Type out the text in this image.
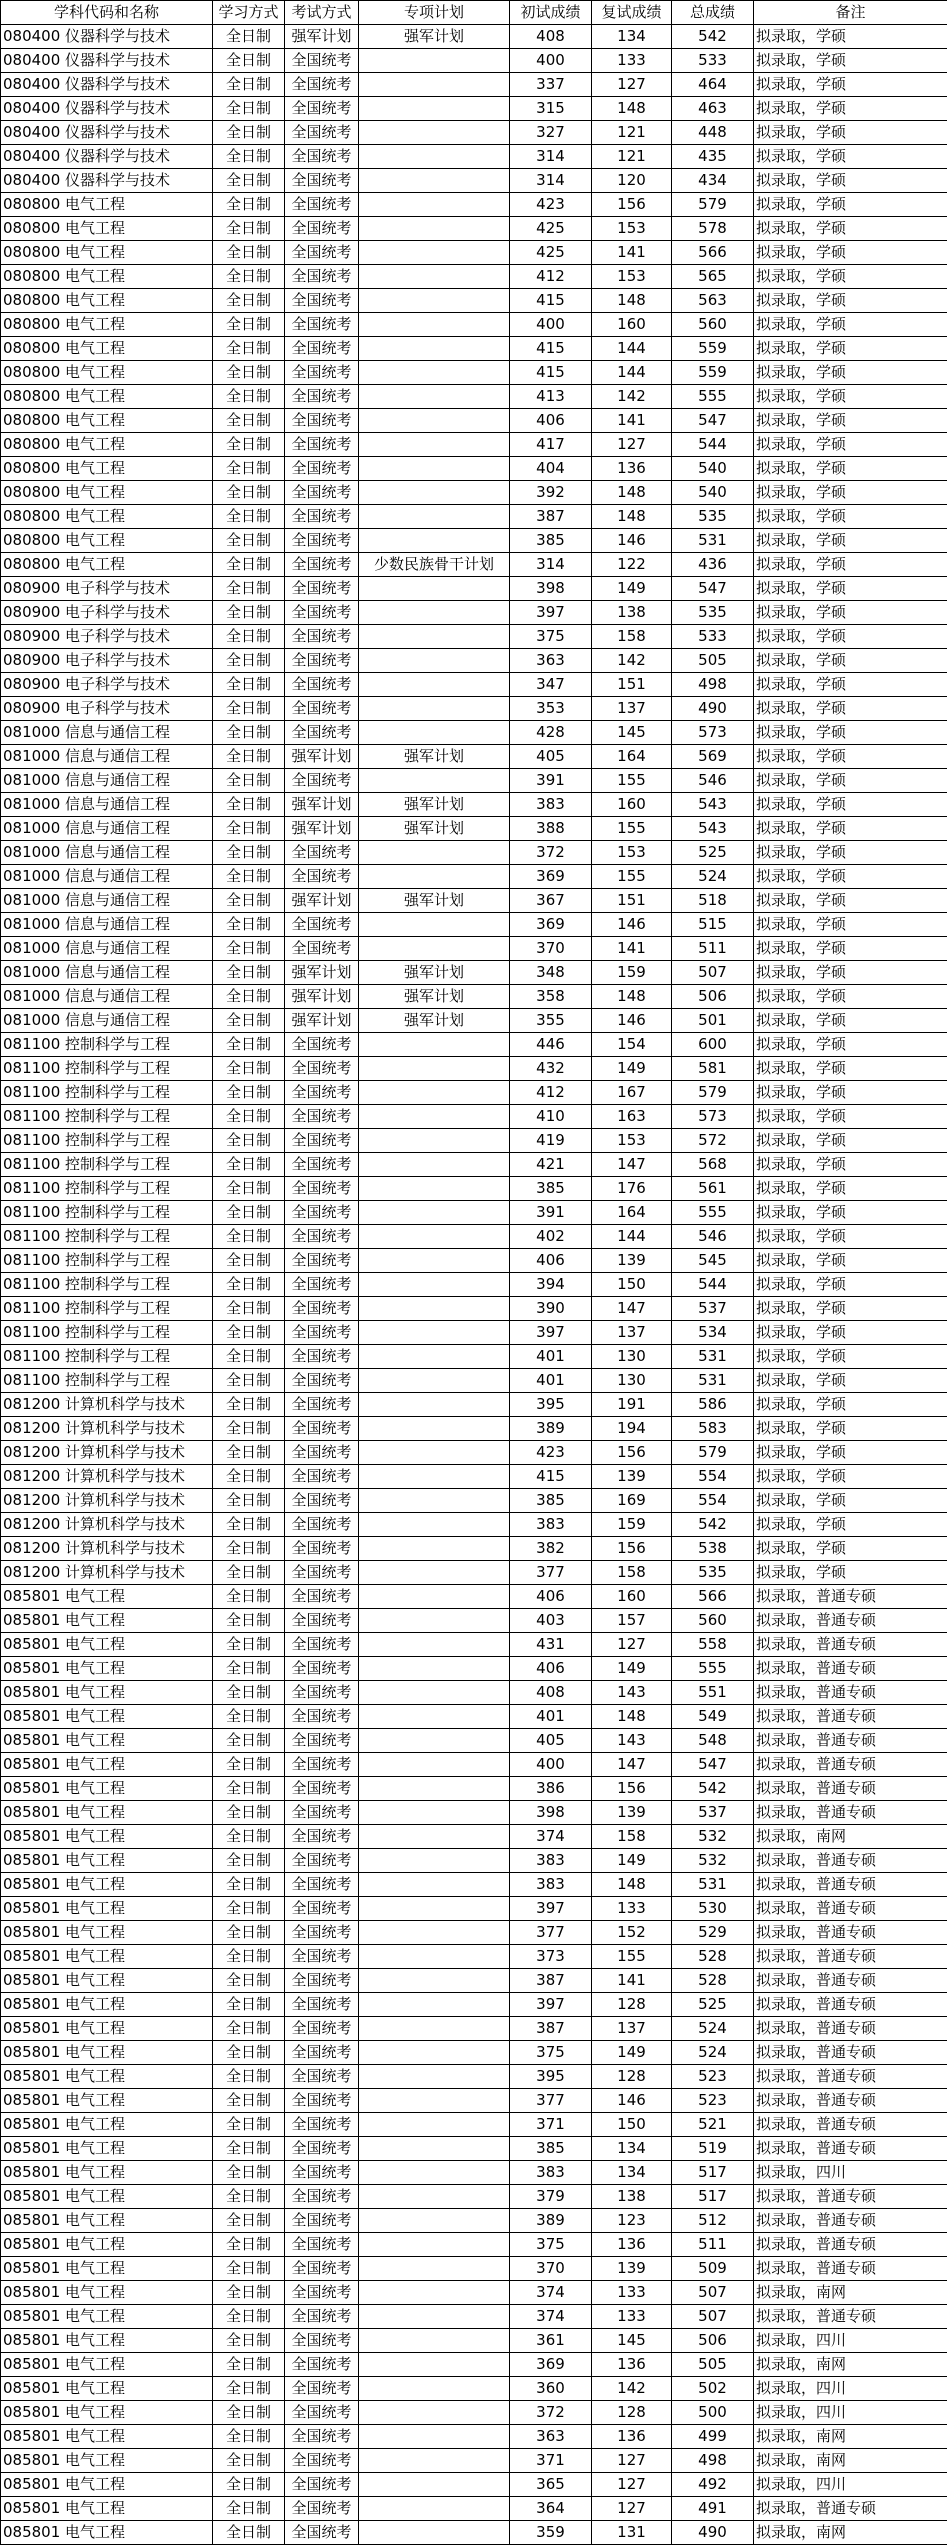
学科代码和名称	学习方式	考试方式	专项计划	初试成绩	复试成绩	总成绩	备注
080400 仪器科学与技术	全日制	强军计划	强军计划	408	134	542	拟录取，学硕
080400 仪器科学与技术	全日制	全国统考		400	133	533	拟录取，学硕
080400 仪器科学与技术	全日制	全国统考		337	127	464	拟录取，学硕
080400 仪器科学与技术	全日制	全国统考		315	148	463	拟录取，学硕
080400 仪器科学与技术	全日制	全国统考		327	121	448	拟录取，学硕
080400 仪器科学与技术	全日制	全国统考		314	121	435	拟录取，学硕
080400 仪器科学与技术	全日制	全国统考		314	120	434	拟录取，学硕
080800 电气工程	全日制	全国统考		423	156	579	拟录取，学硕
080800 电气工程	全日制	全国统考		425	153	578	拟录取，学硕
080800 电气工程	全日制	全国统考		425	141	566	拟录取，学硕
080800 电气工程	全日制	全国统考		412	153	565	拟录取，学硕
080800 电气工程	全日制	全国统考		415	148	563	拟录取，学硕
080800 电气工程	全日制	全国统考		400	160	560	拟录取，学硕
080800 电气工程	全日制	全国统考		415	144	559	拟录取，学硕
080800 电气工程	全日制	全国统考		415	144	559	拟录取，学硕
080800 电气工程	全日制	全国统考		413	142	555	拟录取，学硕
080800 电气工程	全日制	全国统考		406	141	547	拟录取，学硕
080800 电气工程	全日制	全国统考		417	127	544	拟录取，学硕
080800 电气工程	全日制	全国统考		404	136	540	拟录取，学硕
080800 电气工程	全日制	全国统考		392	148	540	拟录取，学硕
080800 电气工程	全日制	全国统考		387	148	535	拟录取，学硕
080800 电气工程	全日制	全国统考		385	146	531	拟录取，学硕
080800 电气工程	全日制	全国统考	少数民族骨干计划	314	122	436	拟录取，学硕
080900 电子科学与技术	全日制	全国统考		398	149	547	拟录取，学硕
080900 电子科学与技术	全日制	全国统考		397	138	535	拟录取，学硕
080900 电子科学与技术	全日制	全国统考		375	158	533	拟录取，学硕
080900 电子科学与技术	全日制	全国统考		363	142	505	拟录取，学硕
080900 电子科学与技术	全日制	全国统考		347	151	498	拟录取，学硕
080900 电子科学与技术	全日制	全国统考		353	137	490	拟录取，学硕
081000 信息与通信工程	全日制	全国统考		428	145	573	拟录取，学硕
081000 信息与通信工程	全日制	强军计划	强军计划	405	164	569	拟录取，学硕
081000 信息与通信工程	全日制	全国统考		391	155	546	拟录取，学硕
081000 信息与通信工程	全日制	强军计划	强军计划	383	160	543	拟录取，学硕
081000 信息与通信工程	全日制	强军计划	强军计划	388	155	543	拟录取，学硕
081000 信息与通信工程	全日制	全国统考		372	153	525	拟录取，学硕
081000 信息与通信工程	全日制	全国统考		369	155	524	拟录取，学硕
081000 信息与通信工程	全日制	强军计划	强军计划	367	151	518	拟录取，学硕
081000 信息与通信工程	全日制	全国统考		369	146	515	拟录取，学硕
081000 信息与通信工程	全日制	全国统考		370	141	511	拟录取，学硕
081000 信息与通信工程	全日制	强军计划	强军计划	348	159	507	拟录取，学硕
081000 信息与通信工程	全日制	强军计划	强军计划	358	148	506	拟录取，学硕
081000 信息与通信工程	全日制	强军计划	强军计划	355	146	501	拟录取，学硕
081100 控制科学与工程	全日制	全国统考		446	154	600	拟录取，学硕
081100 控制科学与工程	全日制	全国统考		432	149	581	拟录取，学硕
081100 控制科学与工程	全日制	全国统考		412	167	579	拟录取，学硕
081100 控制科学与工程	全日制	全国统考		410	163	573	拟录取，学硕
081100 控制科学与工程	全日制	全国统考		419	153	572	拟录取，学硕
081100 控制科学与工程	全日制	全国统考		421	147	568	拟录取，学硕
081100 控制科学与工程	全日制	全国统考		385	176	561	拟录取，学硕
081100 控制科学与工程	全日制	全国统考		391	164	555	拟录取，学硕
081100 控制科学与工程	全日制	全国统考		402	144	546	拟录取，学硕
081100 控制科学与工程	全日制	全国统考		406	139	545	拟录取，学硕
081100 控制科学与工程	全日制	全国统考		394	150	544	拟录取，学硕
081100 控制科学与工程	全日制	全国统考		390	147	537	拟录取，学硕
081100 控制科学与工程	全日制	全国统考		397	137	534	拟录取，学硕
081100 控制科学与工程	全日制	全国统考		401	130	531	拟录取，学硕
081100 控制科学与工程	全日制	全国统考		401	130	531	拟录取，学硕
081200 计算机科学与技术	全日制	全国统考		395	191	586	拟录取，学硕
081200 计算机科学与技术	全日制	全国统考		389	194	583	拟录取，学硕
081200 计算机科学与技术	全日制	全国统考		423	156	579	拟录取，学硕
081200 计算机科学与技术	全日制	全国统考		415	139	554	拟录取，学硕
081200 计算机科学与技术	全日制	全国统考		385	169	554	拟录取，学硕
081200 计算机科学与技术	全日制	全国统考		383	159	542	拟录取，学硕
081200 计算机科学与技术	全日制	全国统考		382	156	538	拟录取，学硕
081200 计算机科学与技术	全日制	全国统考		377	158	535	拟录取，学硕
085801 电气工程	全日制	全国统考		406	160	566	拟录取，普通专硕
085801 电气工程	全日制	全国统考		403	157	560	拟录取，普通专硕
085801 电气工程	全日制	全国统考		431	127	558	拟录取，普通专硕
085801 电气工程	全日制	全国统考		406	149	555	拟录取，普通专硕
085801 电气工程	全日制	全国统考		408	143	551	拟录取，普通专硕
085801 电气工程	全日制	全国统考		401	148	549	拟录取，普通专硕
085801 电气工程	全日制	全国统考		405	143	548	拟录取，普通专硕
085801 电气工程	全日制	全国统考		400	147	547	拟录取，普通专硕
085801 电气工程	全日制	全国统考		386	156	542	拟录取，普通专硕
085801 电气工程	全日制	全国统考		398	139	537	拟录取，普通专硕
085801 电气工程	全日制	全国统考		374	158	532	拟录取，南网
085801 电气工程	全日制	全国统考		383	149	532	拟录取，普通专硕
085801 电气工程	全日制	全国统考		383	148	531	拟录取，普通专硕
085801 电气工程	全日制	全国统考		397	133	530	拟录取，普通专硕
085801 电气工程	全日制	全国统考		377	152	529	拟录取，普通专硕
085801 电气工程	全日制	全国统考		373	155	528	拟录取，普通专硕
085801 电气工程	全日制	全国统考		387	141	528	拟录取，普通专硕
085801 电气工程	全日制	全国统考		397	128	525	拟录取，普通专硕
085801 电气工程	全日制	全国统考		387	137	524	拟录取，普通专硕
085801 电气工程	全日制	全国统考		375	149	524	拟录取，普通专硕
085801 电气工程	全日制	全国统考		395	128	523	拟录取，普通专硕
085801 电气工程	全日制	全国统考		377	146	523	拟录取，普通专硕
085801 电气工程	全日制	全国统考		371	150	521	拟录取，普通专硕
085801 电气工程	全日制	全国统考		385	134	519	拟录取，普通专硕
085801 电气工程	全日制	全国统考		383	134	517	拟录取，四川
085801 电气工程	全日制	全国统考		379	138	517	拟录取，普通专硕
085801 电气工程	全日制	全国统考		389	123	512	拟录取，普通专硕
085801 电气工程	全日制	全国统考		375	136	511	拟录取，普通专硕
085801 电气工程	全日制	全国统考		370	139	509	拟录取，普通专硕
085801 电气工程	全日制	全国统考		374	133	507	拟录取，南网
085801 电气工程	全日制	全国统考		374	133	507	拟录取，普通专硕
085801 电气工程	全日制	全国统考		361	145	506	拟录取，四川
085801 电气工程	全日制	全国统考		369	136	505	拟录取，南网
085801 电气工程	全日制	全国统考		360	142	502	拟录取，四川
085801 电气工程	全日制	全国统考		372	128	500	拟录取，四川
085801 电气工程	全日制	全国统考		363	136	499	拟录取，南网
085801 电气工程	全日制	全国统考		371	127	498	拟录取，南网
085801 电气工程	全日制	全国统考		365	127	492	拟录取，四川
085801 电气工程	全日制	全国统考		364	127	491	拟录取，普通专硕
085801 电气工程	全日制	全国统考		359	131	490	拟录取，南网
